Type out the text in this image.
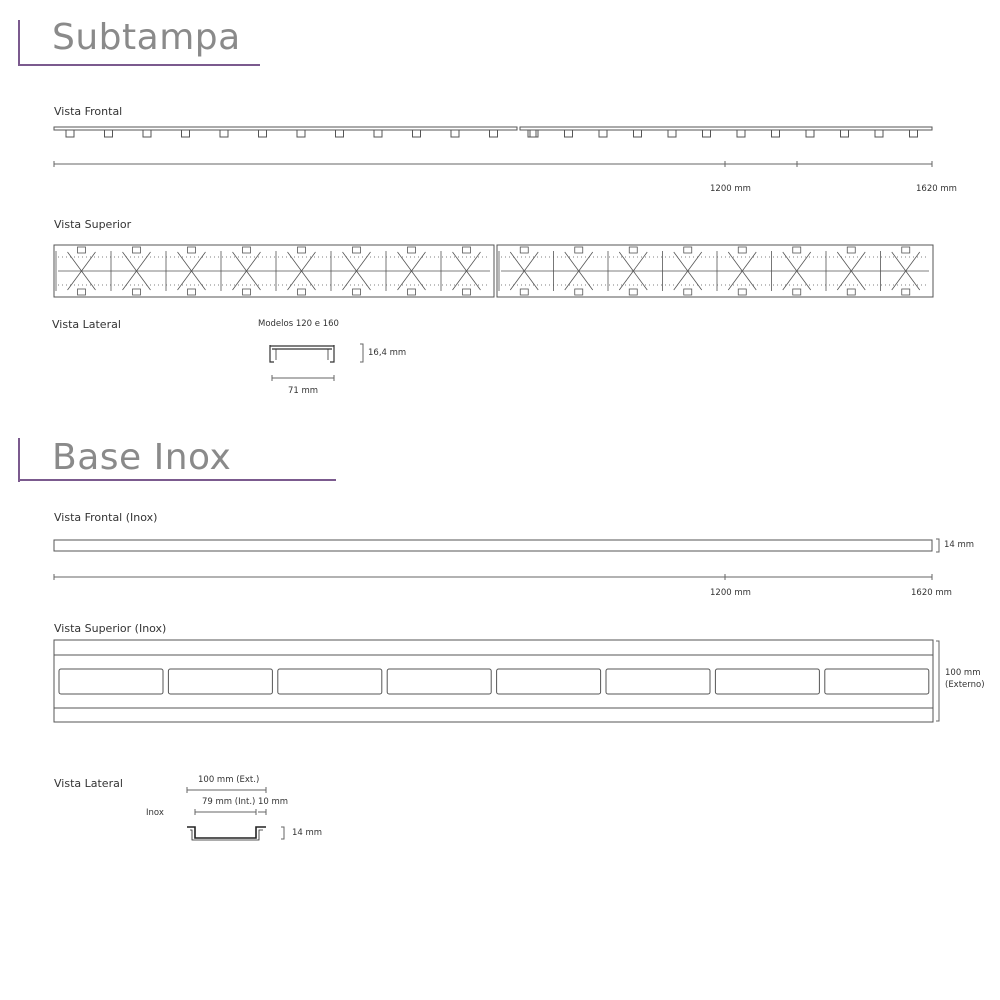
Subtampa
Vista Frontal
1200 mm	1620 mm
Vista Superior
Vista Lateral	Modelos 120 e 160
16,4 mm
71 mm
Base Inox
Vista Frontal (Inox)
14 mm
1200 mm	1620 mm
Vista Superior (Inox)
100 mm
(Externo)
Vista Lateral	100 mm (Ext.)
79 mm (Int.) 10 mm
Inox
14 mm
